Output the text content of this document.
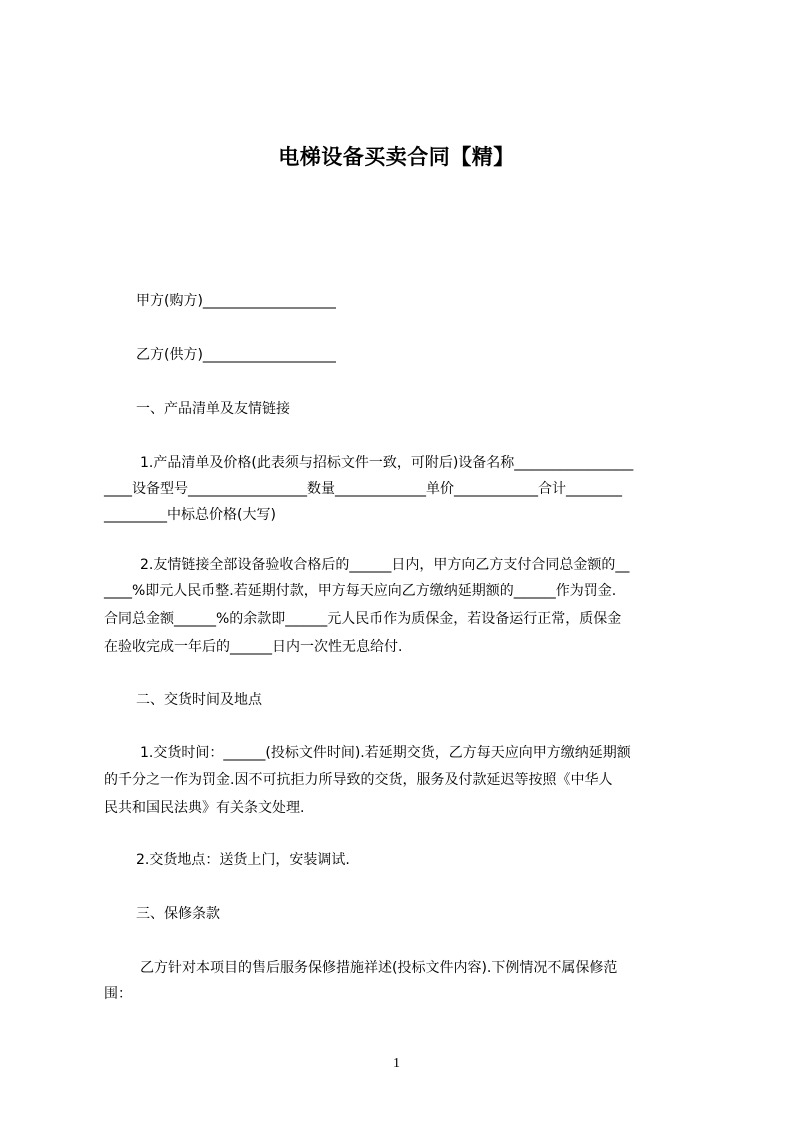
电梯设备买卖合同【精】
甲方(购方)___________________
乙方(供方)___________________
一、产品清单及友情链接
1.产品清单及价格(此表须与招标文件一致，可附后)设备名称_________________
____设备型号_________________数量_____________单价____________合计________
_________中标总价格(大写)
2.友情链接全部设备验收合格后的______日内，甲方向乙方支付合同总金额的__
____%即元人民币整.若延期付款，甲方每天应向乙方缴纳延期额的______作为罚金.
合同总金额______%的余款即______元人民币作为质保金，若设备运行正常，质保金
在验收完成一年后的______日内一次性无息给付.
二、交货时间及地点
1.交货时间：______(投标文件时间).若延期交货，乙方每天应向甲方缴纳延期额
的千分之一作为罚金.因不可抗拒力所导致的交货，服务及付款延迟等按照《中华人
民共和国民法典》有关条文处理.
2.交货地点：送货上门，安装调试.
三、保修条款
乙方针对本项目的售后服务保修措施祥述(投标文件内容).下例情况不属保修范
围：
1
